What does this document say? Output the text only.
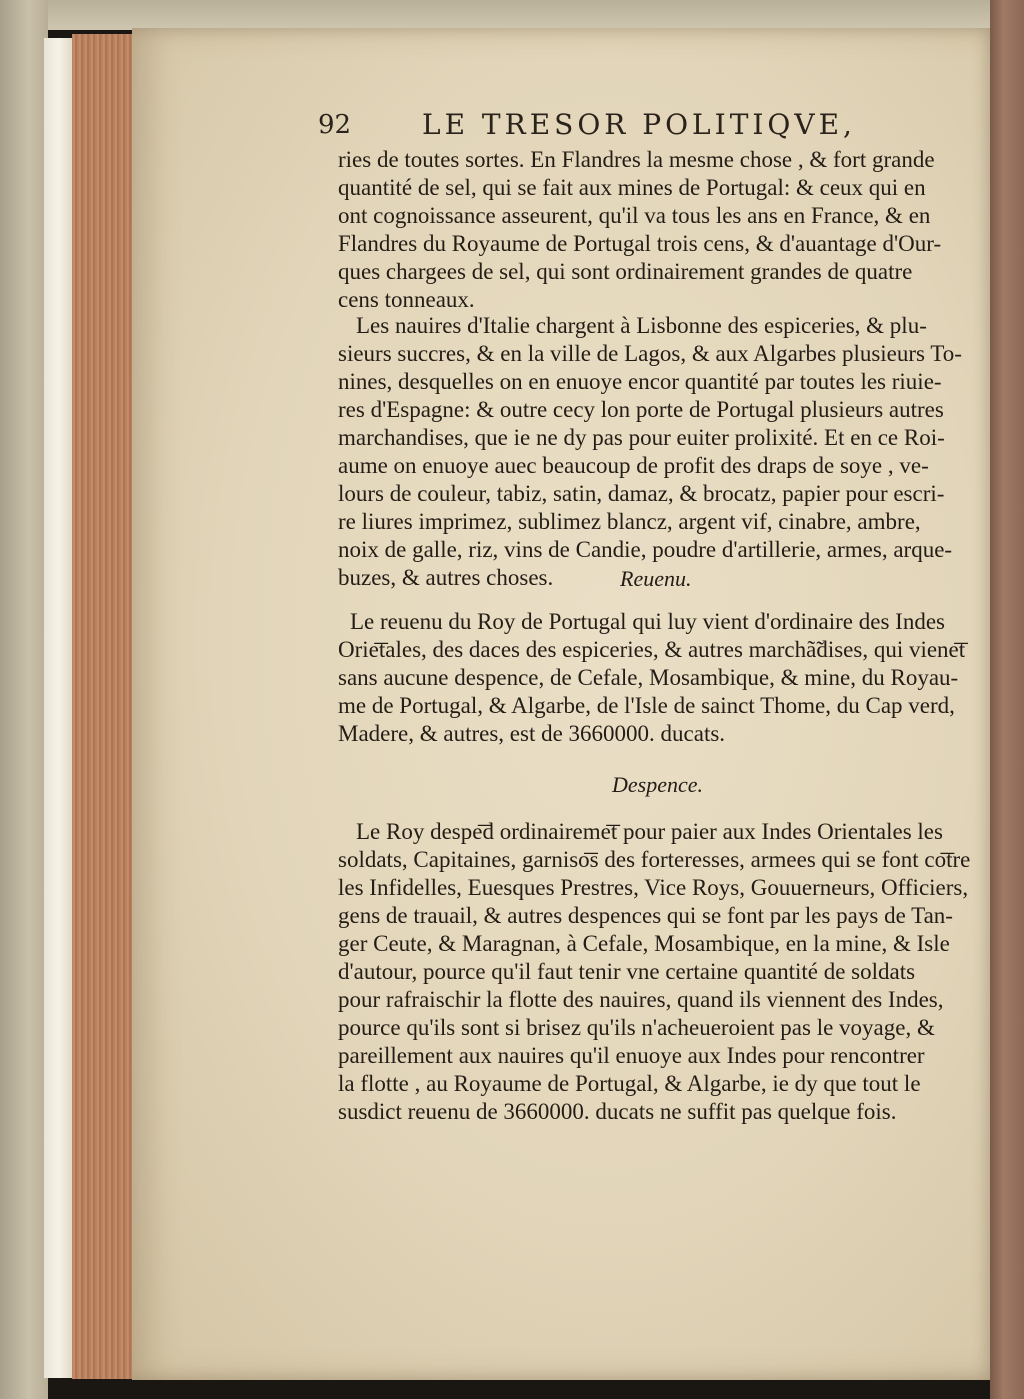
92	LE TRESOR POLITIQVE,

ries de toutes sortes. En Flandres la mesme chose , & fort grande

quantité de sel, qui se fait aux mines de Portugal: & ceux qui en

ont cognoissance asseurent, qu'il va tous les ans en France, & en

Flandres du Royaume de Portugal trois cens, & d'auantage d'Our-

ques chargees de sel, qui sont ordinairement grandes de quatre

cens tonneaux.

Les nauires d'Italie chargent à Lisbonne des espiceries, & plu-

sieurs succres, & en la ville de Lagos, & aux Algarbes plusieurs To-

nines, desquelles on en enuoye encor quantité par toutes les riuie-

res d'Espagne: & outre cecy lon porte de Portugal plusieurs autres

marchandises, que ie ne dy pas pour euiter prolixité. Et en ce Roi-

aume on enuoye auec beaucoup de profit des draps de soye , ve-

lours de couleur, tabiz, satin, damaz, & brocatz, papier pour escri-

re liures imprimez, sublimez blancz, argent vif, cinabre, ambre,

noix de galle, riz, vins de Candie, poudre d'artillerie, armes, arque-

buzes, & autres choses.	Reuenu.

Le reuenu du Roy de Portugal qui luy vient d'ordinaire des Indes

Orie͞tales, des daces des espiceries, & autres marchã̃dises, qui viene͞t

sans aucune despence, de Cefale, Mosambique, & mine, du Royau-

me de Portugal, & Algarbe, de l'Isle de sainct Thome, du Cap verd,

Madere, & autres, est de 3660000. ducats.

Despence.

Le Roy despe͞d ordinaireme͞t pour paier aux Indes Orientales les

soldats, Capitaines, garniso͞s des forteresses, armees qui se font co͞tre

les Infidelles, Euesques Prestres, Vice Roys, Gouuerneurs, Officiers,

gens de trauail, & autres despences qui se font par les pays de Tan-

ger Ceute, & Maragnan, à Cefale, Mosambique, en la mine, & Isle

d'autour, pource qu'il faut tenir vne certaine quantité de soldats

pour rafraischir la flotte des nauires, quand ils viennent des Indes,

pource qu'ils sont si brisez qu'ils n'acheueroient pas le voyage, &

pareillement aux nauires qu'il enuoye aux Indes pour rencontrer

la flotte , au Royaume de Portugal, & Algarbe, ie dy que tout le

susdict reuenu de 3660000. ducats ne suffit pas quelque fois.
